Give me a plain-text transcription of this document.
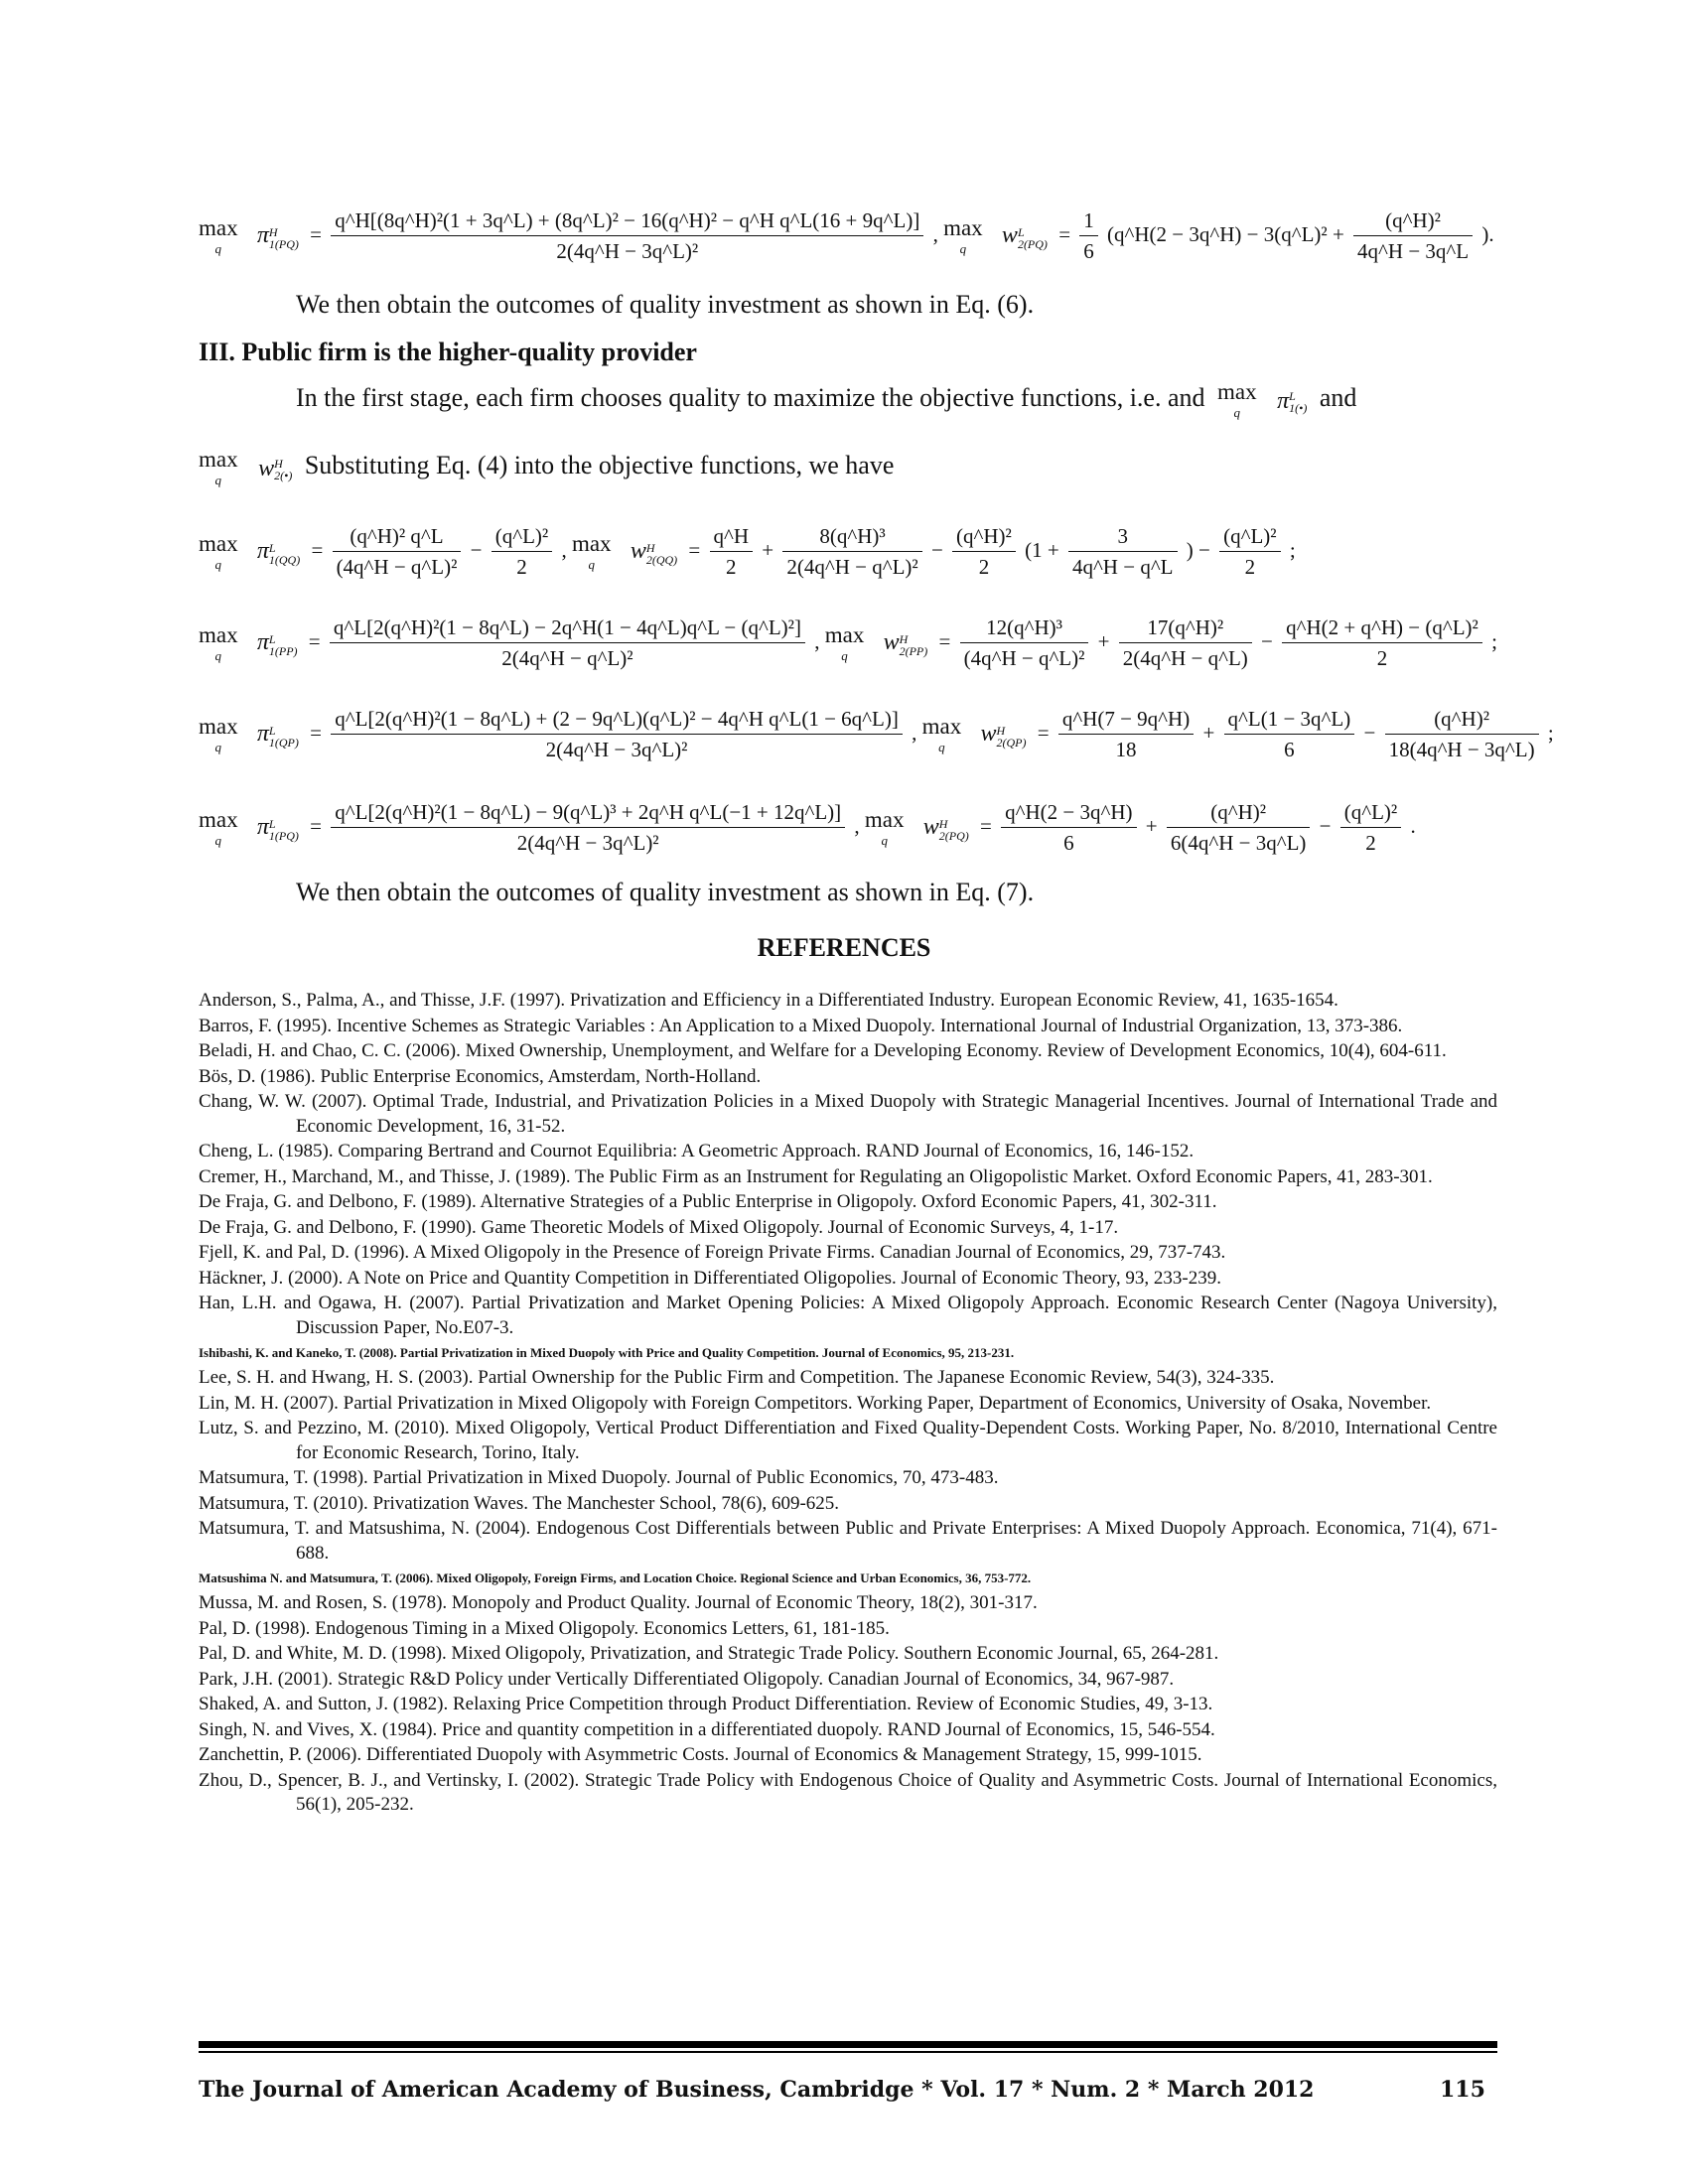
max
q
π H
1(PQ) =
q^H[(8q^H)²(1 + 3q^L) + (8q^L)² − 16(q^H)² − q^H q^L(16 + 9q^L)]
2(4q^H − 3q^L)²
, max
q
w L
$2(PQ) = \frac{1}{6}$ (q^H(2 − 3q^H) − 3(q^L)² + $\frac{\text{(q\textasciicircum{}H)²}}{4q\^{}H - 3q\^{}L}$ ).
We then obtain the outcomes of quality investment as shown in Eq. (6).
III. Public firm is the higher-quality provider
In the first stage, each firm chooses quality to maximize the objective functions, i.e. and max
q	π L
1(•) and
max
q	w H
2(•) Substituting Eq. (4) into the objective functions, we have
max
q
π L
$1(QQ) = \frac{\text{(q\textasciicircum{}H)² q\textasciicircum{}L}}{\text{(4q\textasciicircum{}H − q\textasciicircum{}L)²}} - \frac{\text{(q\textasciicircum{}L)²}}{2}$ , max
q
w H
$2(QQ) = \frac{q\^{}H}{2} + \frac{\text{8(q\textasciicircum{}H)³}}{\text{2(4q\textasciicircum{}H − q\textasciicircum{}L)²}} - \frac{\text{(q\textasciicircum{}H)²}}{2} (1 + \frac{3}{4q\^{}H - q\^{}L}$ ) − $\frac{\text{(q\textasciicircum{}L)²}}{2}$ ;
max
q
π L
$1(PP) = \frac{\text{q\textasciicircum{}L[2(q\textasciicircum{}H)²(1 − 8q\textasciicircum{}L) − 2q\textasciicircum{}H(1 − 4q\textasciicircum{}L)q\textasciicircum{}L − (q\textasciicircum{}L)²]}}{\text{2(4q\textasciicircum{}H − q\textasciicircum{}L)²}}$ , max
q
w H
$2(PP) = \frac{\text{12(q\textasciicircum{}H)³}}{\text{(4q\textasciicircum{}H − q\textasciicircum{}L)²}} + \frac{\text{17(q\textasciicircum{}H)²}}{2(4q\^{}H - q\^{}L)} - \frac{\text{q\textasciicircum{}H(2 + q\textasciicircum{}H) − (q\textasciicircum{}L)²}}{2}$ ;
max
q
π L
1(QP) =
q^L[2(q^H)²(1 − 8q^L) + (2 − 9q^L)(q^L)² − 4q^H q^L(1 − 6q^L)]
2(4q^H − 3q^L)²
, max
q
w H
$2(QP) = \frac{q\^{}H(7 - 9q\^{}H)}{18} + \frac{q\^{}L(1 - 3q\^{}L)}{6} - \frac{\text{(q\textasciicircum{}H)²}}{18(4q\^{}H - 3q\^{}L)}$ ;
max
q
π L
$1(PQ) = \frac{\text{q\textasciicircum{}L[2(q\textasciicircum{}H)²(1 − 8q\textasciicircum{}L) − 9(q\textasciicircum{}L)³ + 2q\textasciicircum{}H q\textasciicircum{}L(−1 + 12q\textasciicircum{}L)]}}{\text{2(4q\textasciicircum{}H − 3q\textasciicircum{}L)²}}$ , max
q
w H
$2(PQ) = \frac{q\^{}H(2 - 3q\^{}H)}{6} + \frac{\text{(q\textasciicircum{}H)²}}{6(4q\^{}H - 3q\^{}L)} - \frac{\text{(q\textasciicircum{}L)²}}{2}$ .
We then obtain the outcomes of quality investment as shown in Eq. (7).
REFERENCES

Anderson, S., Palma, A., and Thisse, J.F. (1997). Privatization and Efficiency in a Differentiated Industry. European Economic Review, 41, 1635-1654.

Barros, F. (1995). Incentive Schemes as Strategic Variables : An Application to a Mixed Duopoly. International Journal of Industrial Organization, 13, 373-386.

Beladi, H. and Chao, C. C. (2006). Mixed Ownership, Unemployment, and Welfare for a Developing Economy. Review of Development Economics, 10(4), 604-611.

Bös, D. (1986). Public Enterprise Economics, Amsterdam, North-Holland.

Chang, W. W. (2007). Optimal Trade, Industrial, and Privatization Policies in a Mixed Duopoly with Strategic Managerial Incentives. Journal of International Trade and Economic Development, 16, 31-52.

Cheng, L. (1985). Comparing Bertrand and Cournot Equilibria: A Geometric Approach. RAND Journal of Economics, 16, 146-152.

Cremer, H., Marchand, M., and Thisse, J. (1989). The Public Firm as an Instrument for Regulating an Oligopolistic Market. Oxford Economic Papers, 41, 283-301.

De Fraja, G. and Delbono, F. (1989). Alternative Strategies of a Public Enterprise in Oligopoly. Oxford Economic Papers, 41, 302-311.

De Fraja, G. and Delbono, F. (1990). Game Theoretic Models of Mixed Oligopoly. Journal of Economic Surveys, 4, 1-17.

Fjell, K. and Pal, D. (1996). A Mixed Oligopoly in the Presence of Foreign Private Firms. Canadian Journal of Economics, 29, 737-743.

Häckner, J. (2000). A Note on Price and Quantity Competition in Differentiated Oligopolies. Journal of Economic Theory, 93, 233-239.

Han, L.H. and Ogawa, H. (2007). Partial Privatization and Market Opening Policies: A Mixed Oligopoly Approach. Economic Research Center (Nagoya University), Discussion Paper, No.E07-3.

Ishibashi, K. and Kaneko, T. (2008). Partial Privatization in Mixed Duopoly with Price and Quality Competition. Journal of Economics, 95, 213-231.

Lee, S. H. and Hwang, H. S. (2003). Partial Ownership for the Public Firm and Competition. The Japanese Economic Review, 54(3), 324-335.

Lin, M. H. (2007). Partial Privatization in Mixed Oligopoly with Foreign Competitors. Working Paper, Department of Economics, University of Osaka, November.

Lutz, S. and Pezzino, M. (2010). Mixed Oligopoly, Vertical Product Differentiation and Fixed Quality-Dependent Costs. Working Paper, No. 8/2010, International Centre for Economic Research, Torino, Italy.

Matsumura, T. (1998). Partial Privatization in Mixed Duopoly. Journal of Public Economics, 70, 473-483.

Matsumura, T. (2010). Privatization Waves. The Manchester School, 78(6), 609-625.

Matsumura, T. and Matsushima, N. (2004). Endogenous Cost Differentials between Public and Private Enterprises: A Mixed Duopoly Approach. Economica, 71(4), 671-688.

Matsushima N. and Matsumura, T. (2006). Mixed Oligopoly, Foreign Firms, and Location Choice. Regional Science and Urban Economics, 36, 753-772.

Mussa, M. and Rosen, S. (1978). Monopoly and Product Quality. Journal of Economic Theory, 18(2), 301-317.

Pal, D. (1998). Endogenous Timing in a Mixed Oligopoly. Economics Letters, 61, 181-185.

Pal, D. and White, M. D. (1998). Mixed Oligopoly, Privatization, and Strategic Trade Policy. Southern Economic Journal, 65, 264-281.

Park, J.H. (2001). Strategic R&D Policy under Vertically Differentiated Oligopoly. Canadian Journal of Economics, 34, 967-987.

Shaked, A. and Sutton, J. (1982). Relaxing Price Competition through Product Differentiation. Review of Economic Studies, 49, 3-13.

Singh, N. and Vives, X. (1984). Price and quantity competition in a differentiated duopoly. RAND Journal of Economics, 15, 546-554.

Zanchettin, P. (2006). Differentiated Duopoly with Asymmetric Costs. Journal of Economics & Management Strategy, 15, 999-1015.

Zhou, D., Spencer, B. J., and Vertinsky, I. (2002). Strategic Trade Policy with Endogenous Choice of Quality and Asymmetric Costs. Journal of International Economics, 56(1), 205-232.

The Journal of American Academy of Business, Cambridge * Vol. 17 * Num. 2 * March 2012	115
